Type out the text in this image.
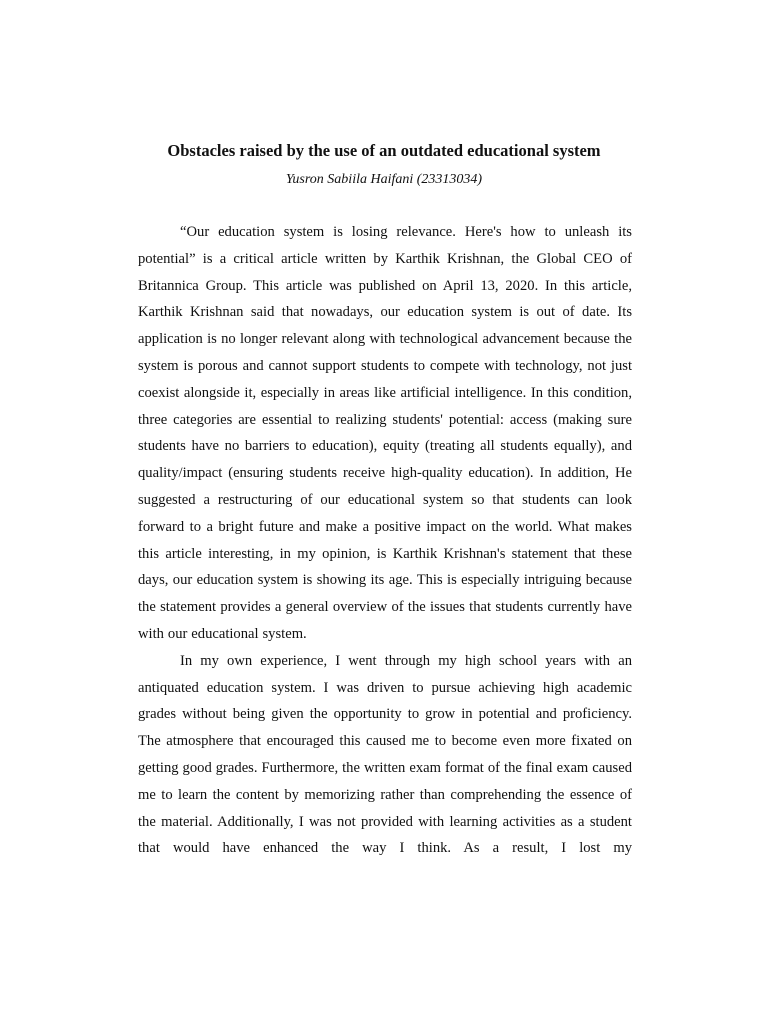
Obstacles raised by the use of an outdated educational system
Yusron Sabiila Haifani (23313034)

“Our education system is losing relevance. Here's how to unleash its potential” is a critical article written by Karthik Krishnan, the Global CEO of Britannica Group. This article was published on April 13, 2020. In this article, Karthik Krishnan said that nowadays, our education system is out of date. Its application is no longer relevant along with technological advancement because the system is porous and cannot support students to compete with technology, not just coexist alongside it, especially in areas like artificial intelligence. In this condition, three categories are essential to realizing students' potential: access (making sure students have no barriers to education), equity (treating all students equally), and quality/impact (ensuring students receive high-quality education). In addition, He suggested a restructuring of our educational system so that students can look forward to a bright future and make a positive impact on the world. What makes this article interesting, in my opinion, is Karthik Krishnan's statement that these days, our education system is showing its age. This is especially intriguing because the statement provides a general overview of the issues that students currently have with our educational system.

In my own experience, I went through my high school years with an antiquated education system. I was driven to pursue achieving high academic grades without being given the opportunity to grow in potential and proficiency. The atmosphere that encouraged this caused me to become even more fixated on getting good grades. Furthermore, the written exam format of the final exam caused me to learn the content by memorizing rather than comprehending the essence of the material. Additionally, I was not provided with learning activities as a student that would have enhanced the way I think. As a result, I lost my
